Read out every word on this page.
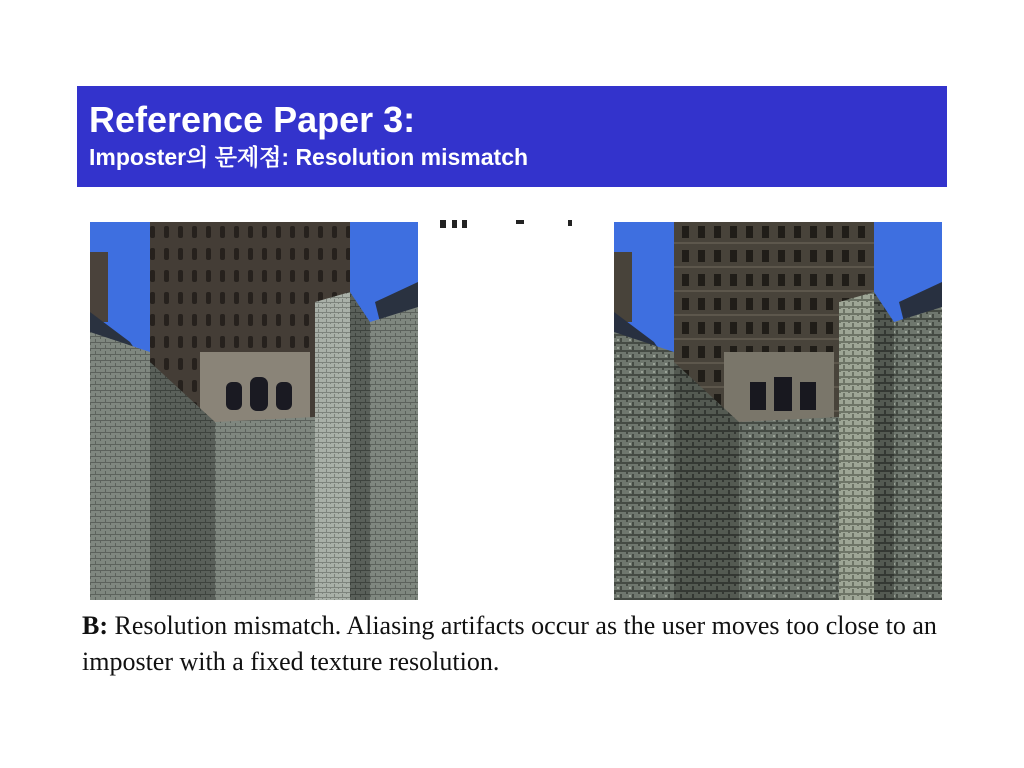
Reference Paper 3:
Imposter의 문제점: Resolution mismatch

B: Resolution mismatch. Aliasing artifacts occur as the user moves too close to an imposter with a fixed texture resolution.
